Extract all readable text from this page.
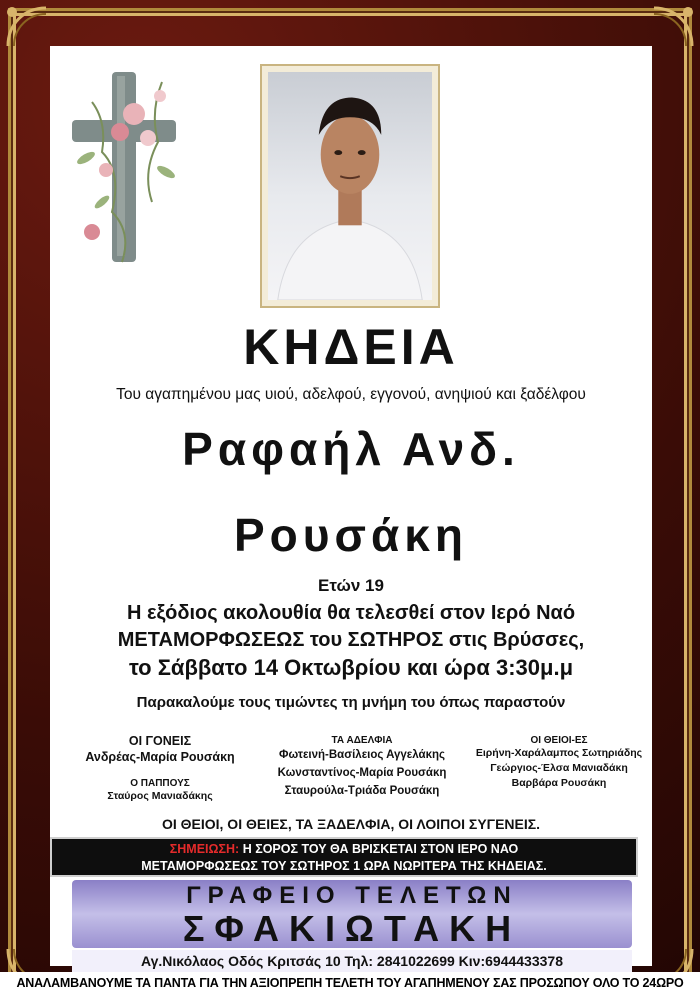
ΚΗΔΕΙΑ
Του αγαπημένου μας υιού, αδελφού, εγγονού, ανηψιού και ξαδέλφου
Ραφαήλ Ανδ.
Ρουσάκη
Ετών 19
Η εξόδιος ακολουθία θα τελεσθεί στον Ιερό Ναό
ΜΕΤΑΜΟΡΦΩΣΕΩΣ του ΣΩΤΗΡΟΣ στις Βρύσσες,
το Σάββατο 14 Οκτωβρίου και ώρα 3:30μ.μ
Παρακαλούμε τους τιμώντες τη μνήμη του όπως παραστούν
ΟΙ ΓΟΝΕΙΣ
Ανδρέας-Μαρία Ρουσάκη
Ο ΠΑΠΠΟΥΣ
Σταύρος Μανιαδάκης
ΤΑ ΑΔΕΛΦΙΑ
Φωτεινή-Βασίλειος Αγγελάκης
Κωνσταντίνος-Μαρία Ρουσάκη
Σταυρούλα-Τριάδα Ρουσάκη
ΟΙ ΘΕΙΟΙ-ΕΣ
Ειρήνη-Χαράλαμπος Σωτηριάδης
Γεώργιος-Έλσα Μανιαδάκη
Βαρβάρα Ρουσάκη
ΟΙ ΘΕΙΟΙ, ΟΙ ΘΕΙΕΣ, ΤΑ ΞΑΔΕΛΦΙΑ, ΟΙ ΛΟΙΠΟΙ ΣΥΓΕΝΕΙΣ.
ΣΗΜΕΙΩΣΗ: Η ΣΟΡΟΣ ΤΟΥ ΘΑ ΒΡΙΣΚΕΤΑΙ ΣΤΟΝ ΙΕΡΟ ΝΑΟ
ΜΕΤΑΜΟΡΦΩΣΕΩΣ ΤΟΥ ΣΩΤΗΡΟΣ 1 ΩΡΑ ΝΩΡΙΤΕΡΑ ΤΗΣ ΚΗΔΕΙΑΣ.
ΓΡΑΦΕΙΟ ΤΕΛΕΤΩΝ
ΣΦΑΚΙΩΤΑΚΗ
Αγ.Νικόλαος Οδός Κριτσάς 10 Τηλ: 2841022699 Κιν:6944433378
ΑΝΑΛΑΜΒΑΝΟΥΜΕ ΤΑ ΠΑΝΤΑ ΓΙΑ ΤΗΝ ΑΞΙΟΠΡΕΠΗ ΤΕΛΕΤΗ ΤΟΥ ΑΓΑΠΗΜΕΝΟΥ ΣΑΣ ΠΡΟΣΩΠΟΥ ΟΛΟ ΤΟ 24ΩΡΟ
